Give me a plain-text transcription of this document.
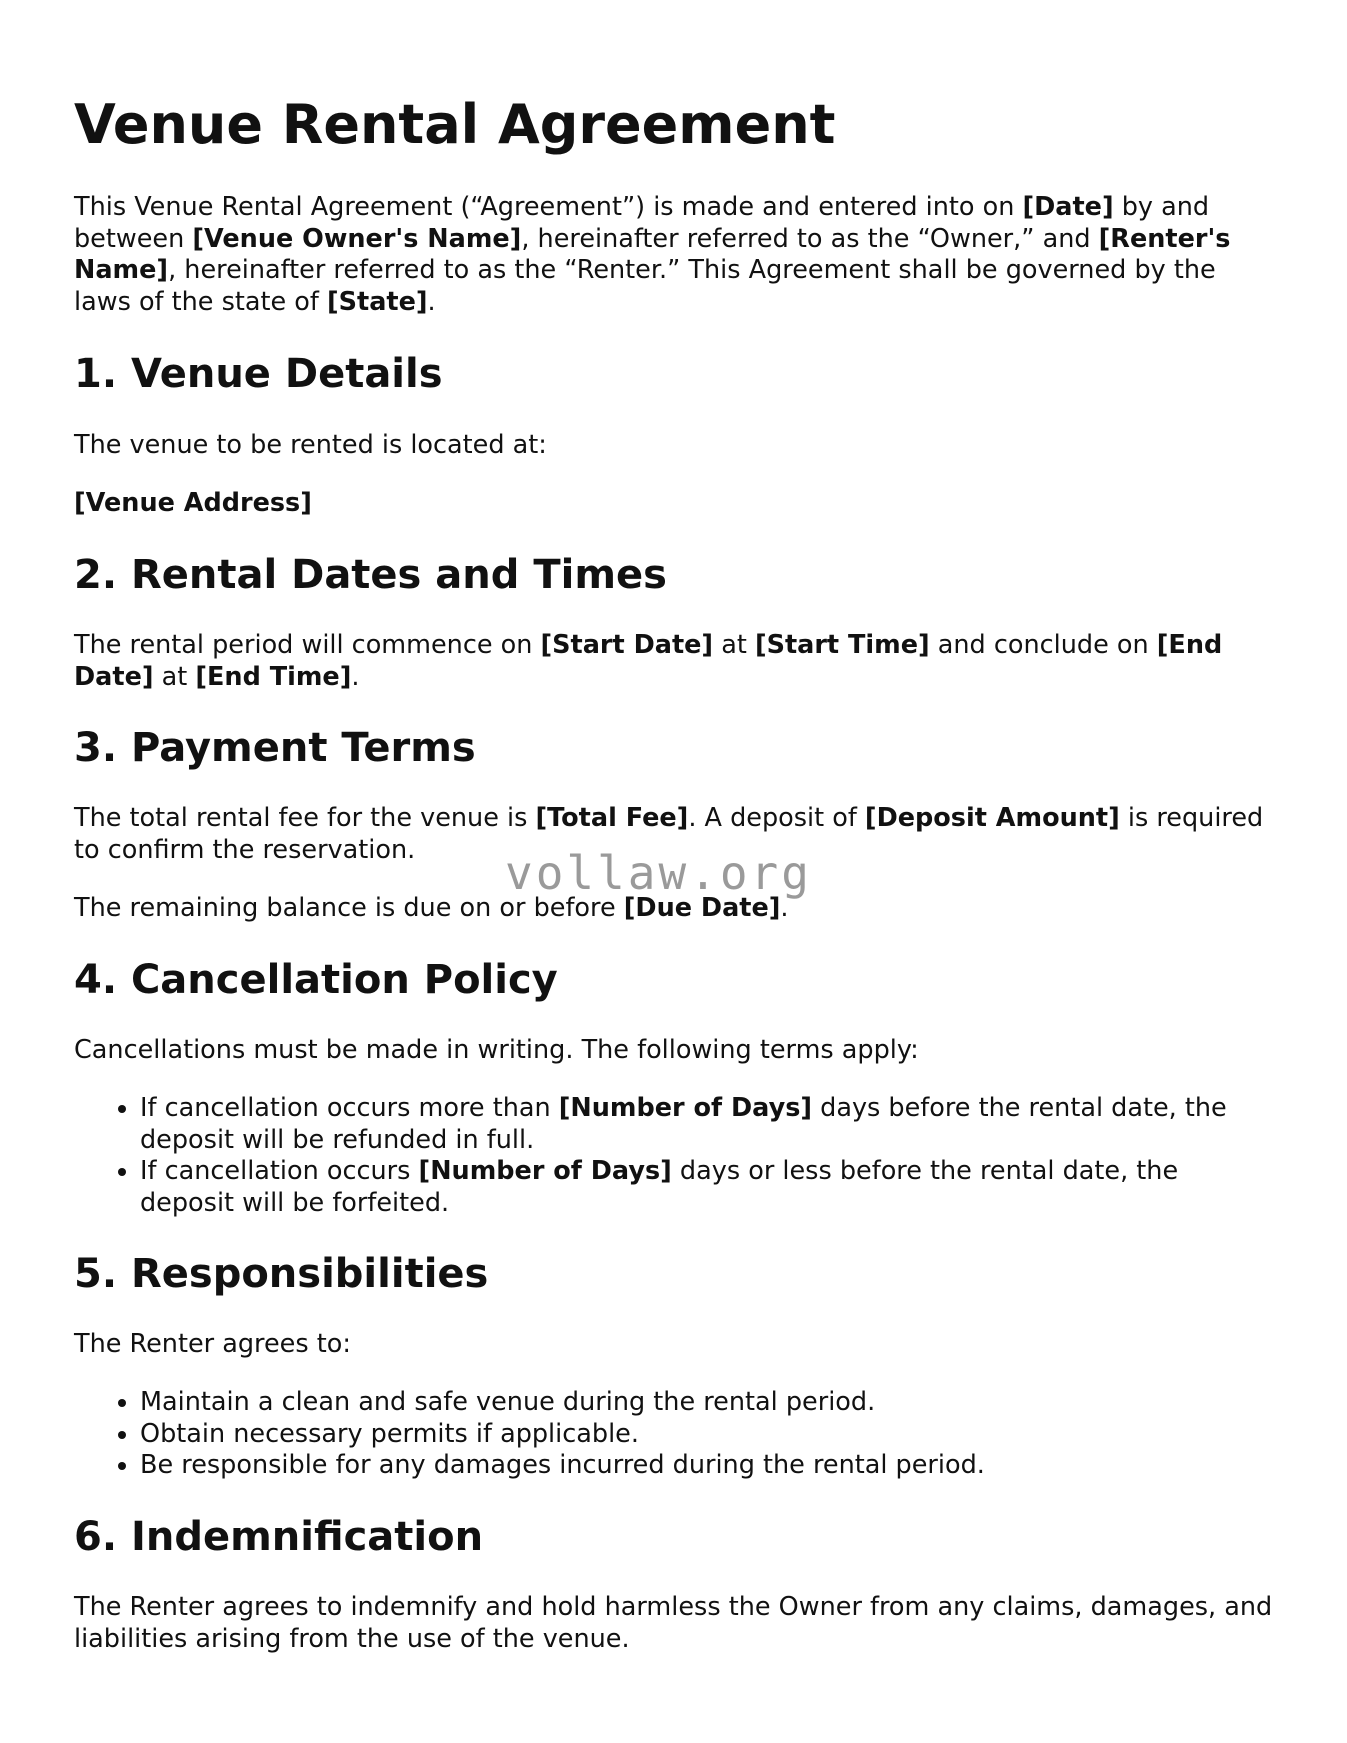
Venue Rental Agreement

This Venue Rental Agreement (“Agreement”) is made and entered into on [Date] by and between [Venue Owner's Name], hereinafter referred to as the “Owner,” and [Renter's Name], hereinafter referred to as the “Renter.” This Agreement shall be governed by the laws of the state of [State].

1. Venue Details

The venue to be rented is located at:

[Venue Address]

2. Rental Dates and Times

The rental period will commence on [Start Date] at [Start Time] and conclude on [End Date] at [End Time].

3. Payment Terms

The total rental fee for the venue is [Total Fee]. A deposit of [Deposit Amount] is required to confirm the reservation.

The remaining balance is due on or before [Due Date].

4. Cancellation Policy

Cancellations must be made in writing. The following terms apply:

• If cancellation occurs more than [Number of Days] days before the rental date, the deposit will be refunded in full.
• If cancellation occurs [Number of Days] days or less before the rental date, the deposit will be forfeited.
5. Responsibilities

The Renter agrees to:

• Maintain a clean and safe venue during the rental period.
• Obtain necessary permits if applicable.
• Be responsible for any damages incurred during the rental period.
6. Indemnification

The Renter agrees to indemnify and hold harmless the Owner from any claims, damages, and liabilities arising from the use of the venue.

vollaw.org
